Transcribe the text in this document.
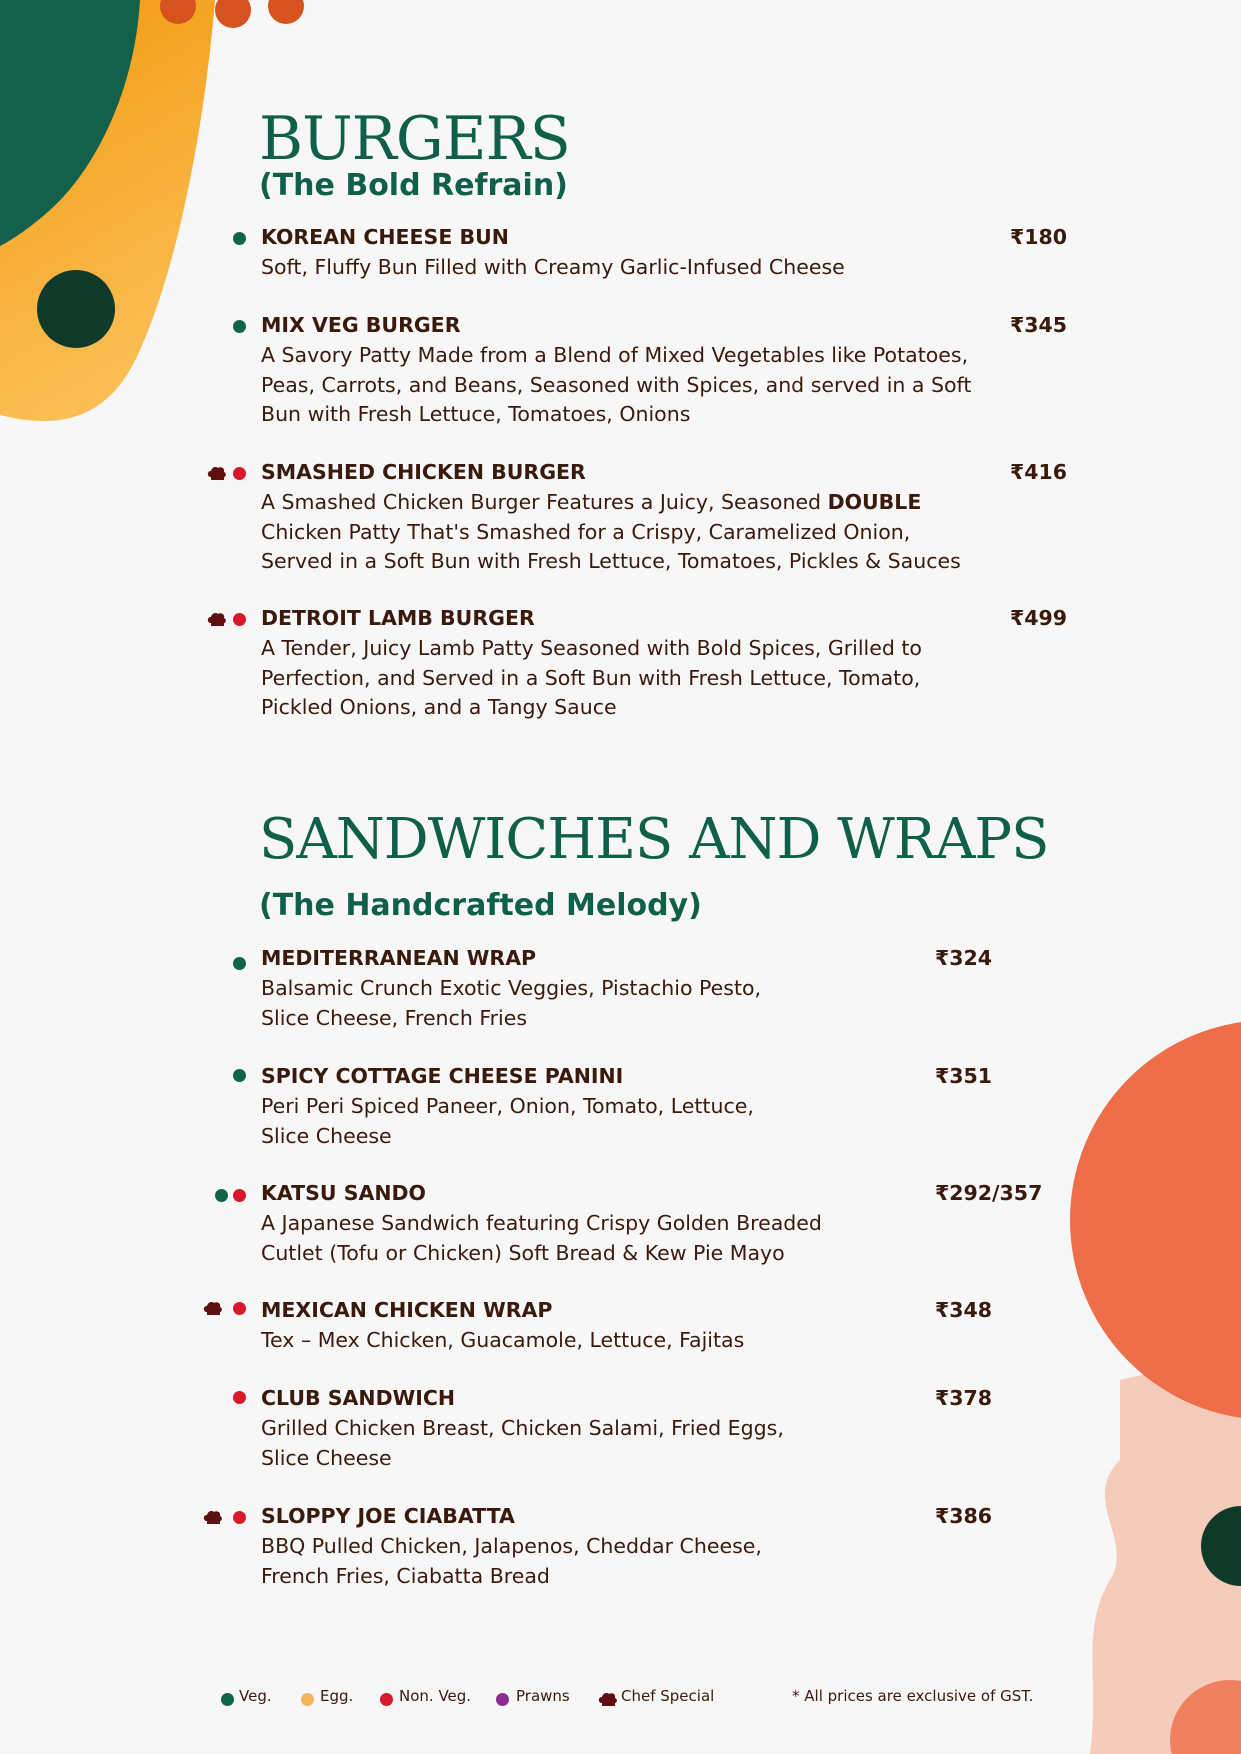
BURGERS
(The Bold Refrain)
KOREAN CHEESE BUN
Soft, Fluffy Bun Filled with Creamy Garlic-Infused Cheese
₹180
MIX VEG BURGER
A Savory Patty Made from a Blend of Mixed Vegetables like Potatoes,
Peas, Carrots, and Beans, Seasoned with Spices, and served in a Soft
Bun with Fresh Lettuce, Tomatoes, Onions
₹345
SMASHED CHICKEN BURGER
A Smashed Chicken Burger Features a Juicy, Seasoned DOUBLE
Chicken Patty That's Smashed for a Crispy, Caramelized Onion,
Served in a Soft Bun with Fresh Lettuce, Tomatoes, Pickles & Sauces
₹416
DETROIT LAMB BURGER
A Tender, Juicy Lamb Patty Seasoned with Bold Spices, Grilled to
Perfection, and Served in a Soft Bun with Fresh Lettuce, Tomato,
Pickled Onions, and a Tangy Sauce
₹499
SANDWICHES AND WRAPS
(The Handcrafted Melody)
MEDITERRANEAN WRAP
Balsamic Crunch Exotic Veggies, Pistachio Pesto,
Slice Cheese, French Fries
₹324
SPICY COTTAGE CHEESE PANINI
Peri Peri Spiced Paneer, Onion, Tomato, Lettuce,
Slice Cheese
₹351
KATSU SANDO
A Japanese Sandwich featuring Crispy Golden Breaded
Cutlet (Tofu or Chicken) Soft Bread & Kew Pie Mayo
₹292/357
MEXICAN CHICKEN WRAP
Tex – Mex Chicken, Guacamole, Lettuce, Fajitas
₹348
CLUB SANDWICH
Grilled Chicken Breast, Chicken Salami, Fried Eggs,
Slice Cheese
₹378
SLOPPY JOE CIABATTA
BBQ Pulled Chicken, Jalapenos, Cheddar Cheese,
French Fries, Ciabatta Bread
₹386
Veg.	Egg.	Non. Veg.	Prawns	Chef Special	* All prices are exclusive of GST.
